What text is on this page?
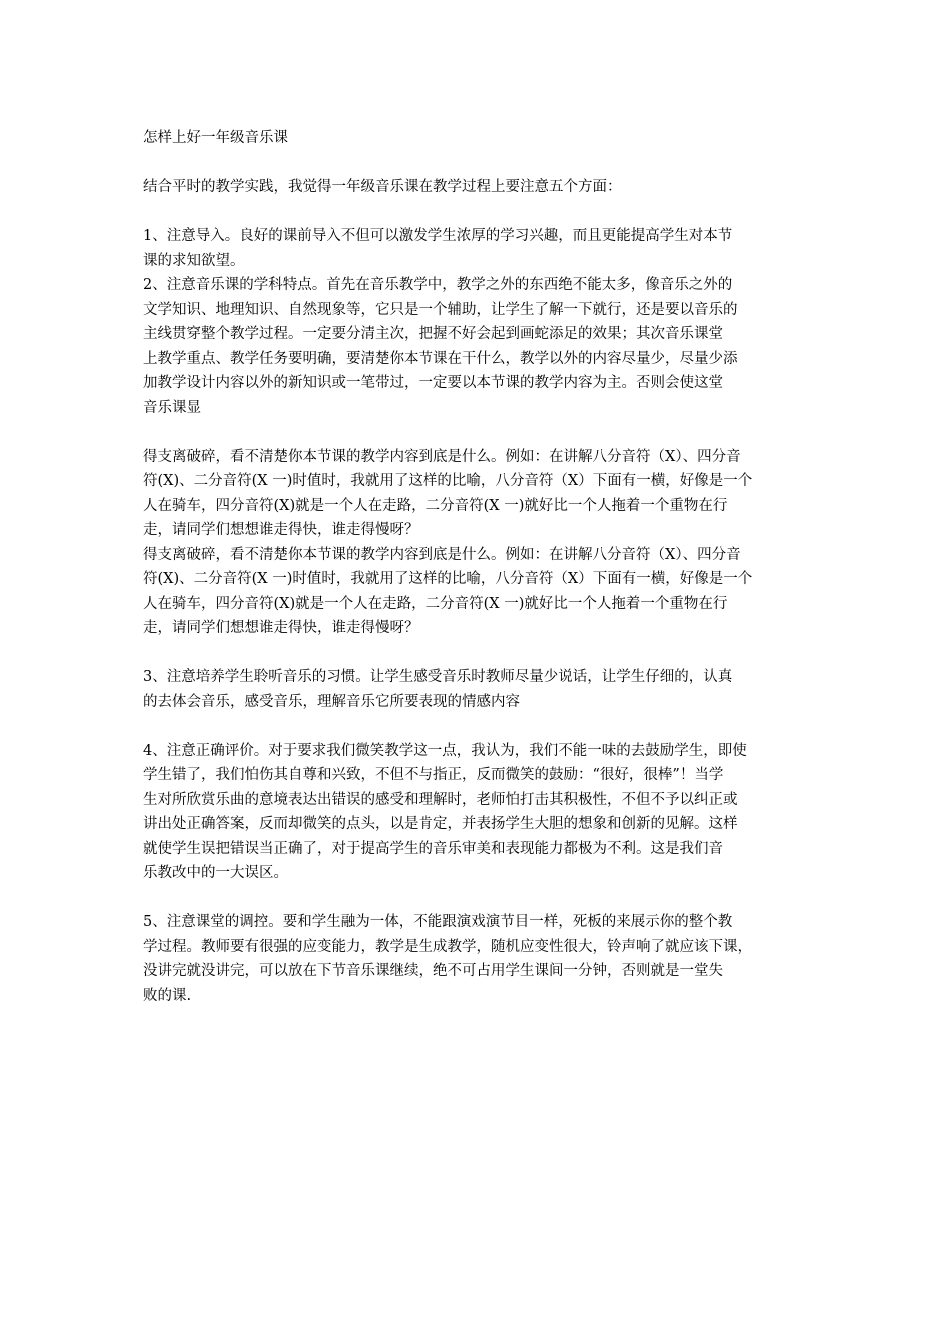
怎样上好一年级音乐课
结合平时的教学实践，我觉得一年级音乐课在教学过程上要注意五个方面：
1、注意导入。良好的课前导入不但可以激发学生浓厚的学习兴趣，而且更能提高学生对本节
课的求知欲望。
2、注意音乐课的学科特点。首先在音乐教学中，教学之外的东西绝不能太多，像音乐之外的
文学知识、地理知识、自然现象等，它只是一个辅助，让学生了解一下就行，还是要以音乐的
主线贯穿整个教学过程。一定要分清主次，把握不好会起到画蛇添足的效果；其次音乐课堂
上教学重点、教学任务要明确，要清楚你本节课在干什么，教学以外的内容尽量少，尽量少添
加教学设计内容以外的新知识或一笔带过，一定要以本节课的教学内容为主。否则会使这堂
音乐课显
得支离破碎，看不清楚你本节课的教学内容到底是什么。例如：在讲解八分音符（X）、四分音
符(X)、二分音符(X 一)时值时，我就用了这样的比喻，八分音符（X）下面有一横，好像是一个
人在骑车，四分音符(X)就是一个人在走路，二分音符(X 一)就好比一个人拖着一个重物在行
走，请同学们想想谁走得快，谁走得慢呀？
得支离破碎，看不清楚你本节课的教学内容到底是什么。例如：在讲解八分音符（X）、四分音
符(X)、二分音符(X 一)时值时，我就用了这样的比喻，八分音符（X）下面有一横，好像是一个
人在骑车，四分音符(X)就是一个人在走路，二分音符(X 一)就好比一个人拖着一个重物在行
走，请同学们想想谁走得快，谁走得慢呀？
3、注意培养学生聆听音乐的习惯。让学生感受音乐时教师尽量少说话，让学生仔细的，认真
的去体会音乐，感受音乐，理解音乐它所要表现的情感内容
4、注意正确评价。对于要求我们微笑教学这一点，我认为，我们不能一味的去鼓励学生，即使
学生错了，我们怕伤其自尊和兴致，不但不与指正，反而微笑的鼓励：“很好，很棒”！当学
生对所欣赏乐曲的意境表达出错误的感受和理解时，老师怕打击其积极性，不但不予以纠正或
讲出处正确答案，反而却微笑的点头，以是肯定，并表扬学生大胆的想象和创新的见解。这样
就使学生误把错误当正确了，对于提高学生的音乐审美和表现能力都极为不利。这是我们音
乐教改中的一大误区。
5、注意课堂的调控。要和学生融为一体，不能跟演戏演节目一样，死板的来展示你的整个教
学过程。教师要有很强的应变能力，教学是生成教学，随机应变性很大，铃声响了就应该下课，
没讲完就没讲完，可以放在下节音乐课继续，绝不可占用学生课间一分钟，否则就是一堂失
败的课.
